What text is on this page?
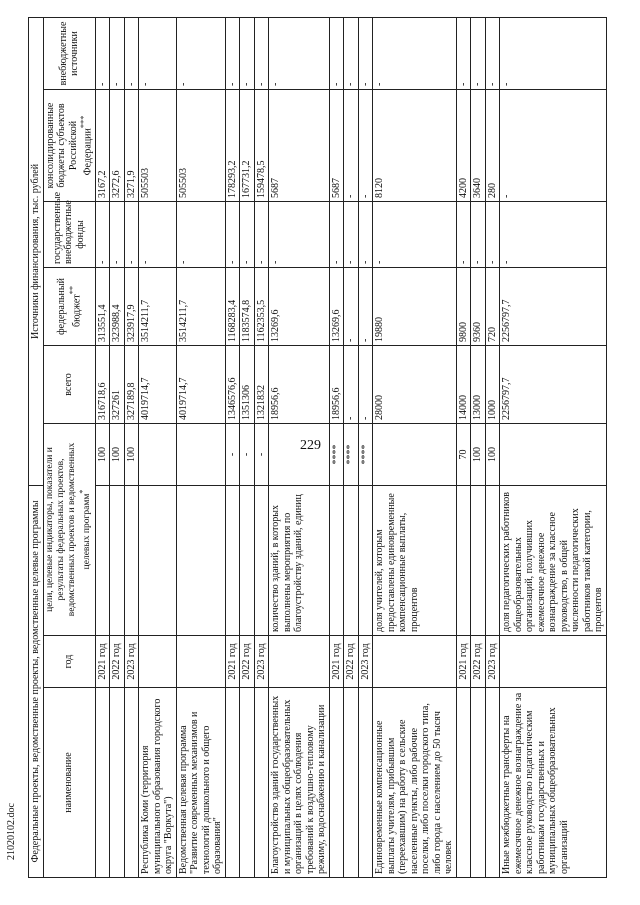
229
21020102.doc Федеральные проекты, ведомственные проекты, ведомственные целевые программы			Источники финансирования, тыс. рублей					
наименование	год	цели, целевые индикаторы, показатели и результаты федеральных проектов, ведомственных проектов и ведомственных целевых программ*		всего	федеральный бюджет**	государственные внебюджетные фонды	консолидированные бюджеты субъектов Российской Федерации***	внебюджетные источники
	2021 год		100	316718,6	313551,4	-	3167,2	-
	2022 год		100	327261	323988,4	-	3272,6	-
	2023 год		100	327189,8	323917,9	-	3271,9	-
Республика Коми (территория муниципального образования городского округа "Воркута")				4019714,7	3514211,7	-	505503	-
Ведомственная целевая программа "Развитие современных механизмов и технологий дошкольного и общего образования"				4019714,7	3514211,7	-	505503	-
	2021 год		-	1346576,6	1168283,4	-	178293,2	-
	2022 год		-	1351306	1183574,8	-	167731,2	-
	2023 год		-	1321832	1162353,5	-	159478,5	-
Благоустройство зданий государственных и муниципальных общеобразовательных организаций в целях соблюдения требований к воздушно-тепловому режиму, водоснабжению и канализации		количество зданий, в которых выполнены мероприятия по благоустройству зданий, единиц		18956,6	13269,6	-	5687	-
	2021 год		****	18956,6	13269,6	-	5687	-
	2022 год		****	-	-	-	-	-
	2023 год		****	-	-	-	-	-
Единовременные компенсационные выплаты учителям, прибывшим (переехавшим) на работу в сельские населенные пункты, либо рабочие поселки, либо поселки городского типа, либо города с населением до 50 тысяч человек		доля учителей, которым предоставлены единовременные компенсационные выплаты, процентов		28000	19880	-	8120	-
	2021 год		70	14000	9800	-	4200	-
	2022 год		100	13000	9360	-	3640	-
	2023 год		100	1000	720	-	280	-
Иные межбюджетные трансферты на ежемесячное денежное вознаграждение за классное руководство педагогическим работникам государственных и муниципальных общеобразовательных организаций		доля педагогических работников общеобразовательных организаций, получивших ежемесячное денежное вознаграждение за классное руководство, в общей численности педагогических работников такой категории, процентов		2256797,7	2256797,7	-	-	-
